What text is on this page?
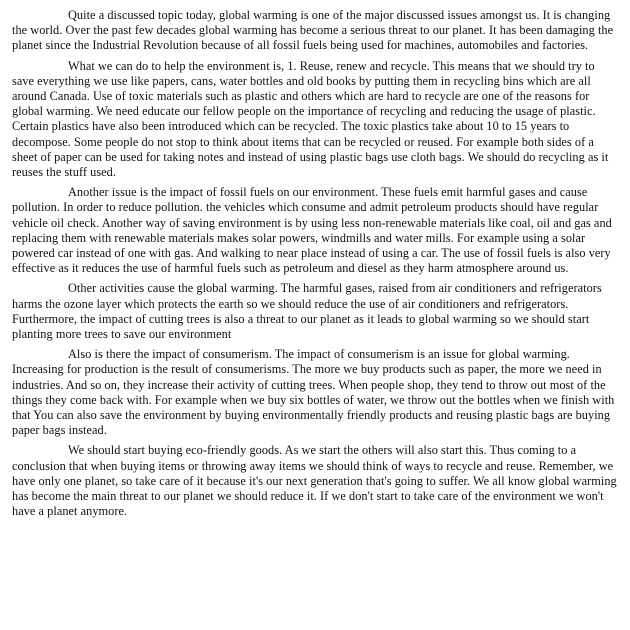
Quite a discussed topic today, global warming is one of the major discussed issues amongst us. It is changing the world. Over the past few decades global warming has become a serious threat to our planet. It has been damaging the planet since the Industrial Revolution because of all fossil fuels being used for machines, automobiles and factories.

What we can do to help the environment is, 1. Reuse, renew and recycle. This means that we should try to save everything we use like papers, cans, water bottles and old books by putting them in recycling bins which are all around Canada. Use of toxic materials such as plastic and others which are hard to recycle are one of the reasons for global warming. We need educate our fellow people on the importance of recycling and reducing the usage of plastic. Certain plastics have also been introduced which can be recycled. The toxic plastics take about 10 to 15 years to decompose. Some people do not stop to think about items that can be recycled or reused. For example both sides of a sheet of paper can be used for taking notes and instead of using plastic bags use cloth bags. We should do recycling as it reuses the stuff used.

Another issue is the impact of fossil fuels on our environment. These fuels emit harmful gases and cause pollution. In order to reduce pollution. the vehicles which consume and admit petroleum products should have regular vehicle oil check. Another way of saving environment is by using less non-renewable materials like coal, oil and gas and replacing them with renewable materials makes solar powers, windmills and water mills. For example using a solar powered car instead of one with gas. And walking to near place instead of using a car. The use of fossil fuels is also very effective as it reduces the use of harmful fuels such as petroleum and diesel as they harm atmosphere around us.

Other activities cause the global warming. The harmful gases, raised from air conditioners and refrigerators harms the ozone layer which protects the earth so we should reduce the use of air conditioners and refrigerators. Furthermore, the impact of cutting trees is also a threat to our planet as it leads to global warming so we should start planting more trees to save our environment

Also is there the impact of consumerism. The impact of consumerism is an issue for global warming. Increasing for production is the result of consumerisms. The more we buy products such as paper, the more we need in industries. And so on, they increase their activity of cutting trees. When people shop, they tend to throw out most of the things they come back with. For example when we buy six bottles of water, we throw out the bottles when we finish with that You can also save the environment by buying environmentally friendly products and reusing plastic bags are buying paper bags instead.

We should start buying eco-friendly goods. As we start the others will also start this. Thus coming to a conclusion that when buying items or throwing away items we should think of ways to recycle and reuse. Remember, we have only one planet, so take care of it because it's our next generation that's going to suffer. We all know global warming has become the main threat to our planet we should reduce it. If we don't start to take care of the environment we won't have a planet anymore.
